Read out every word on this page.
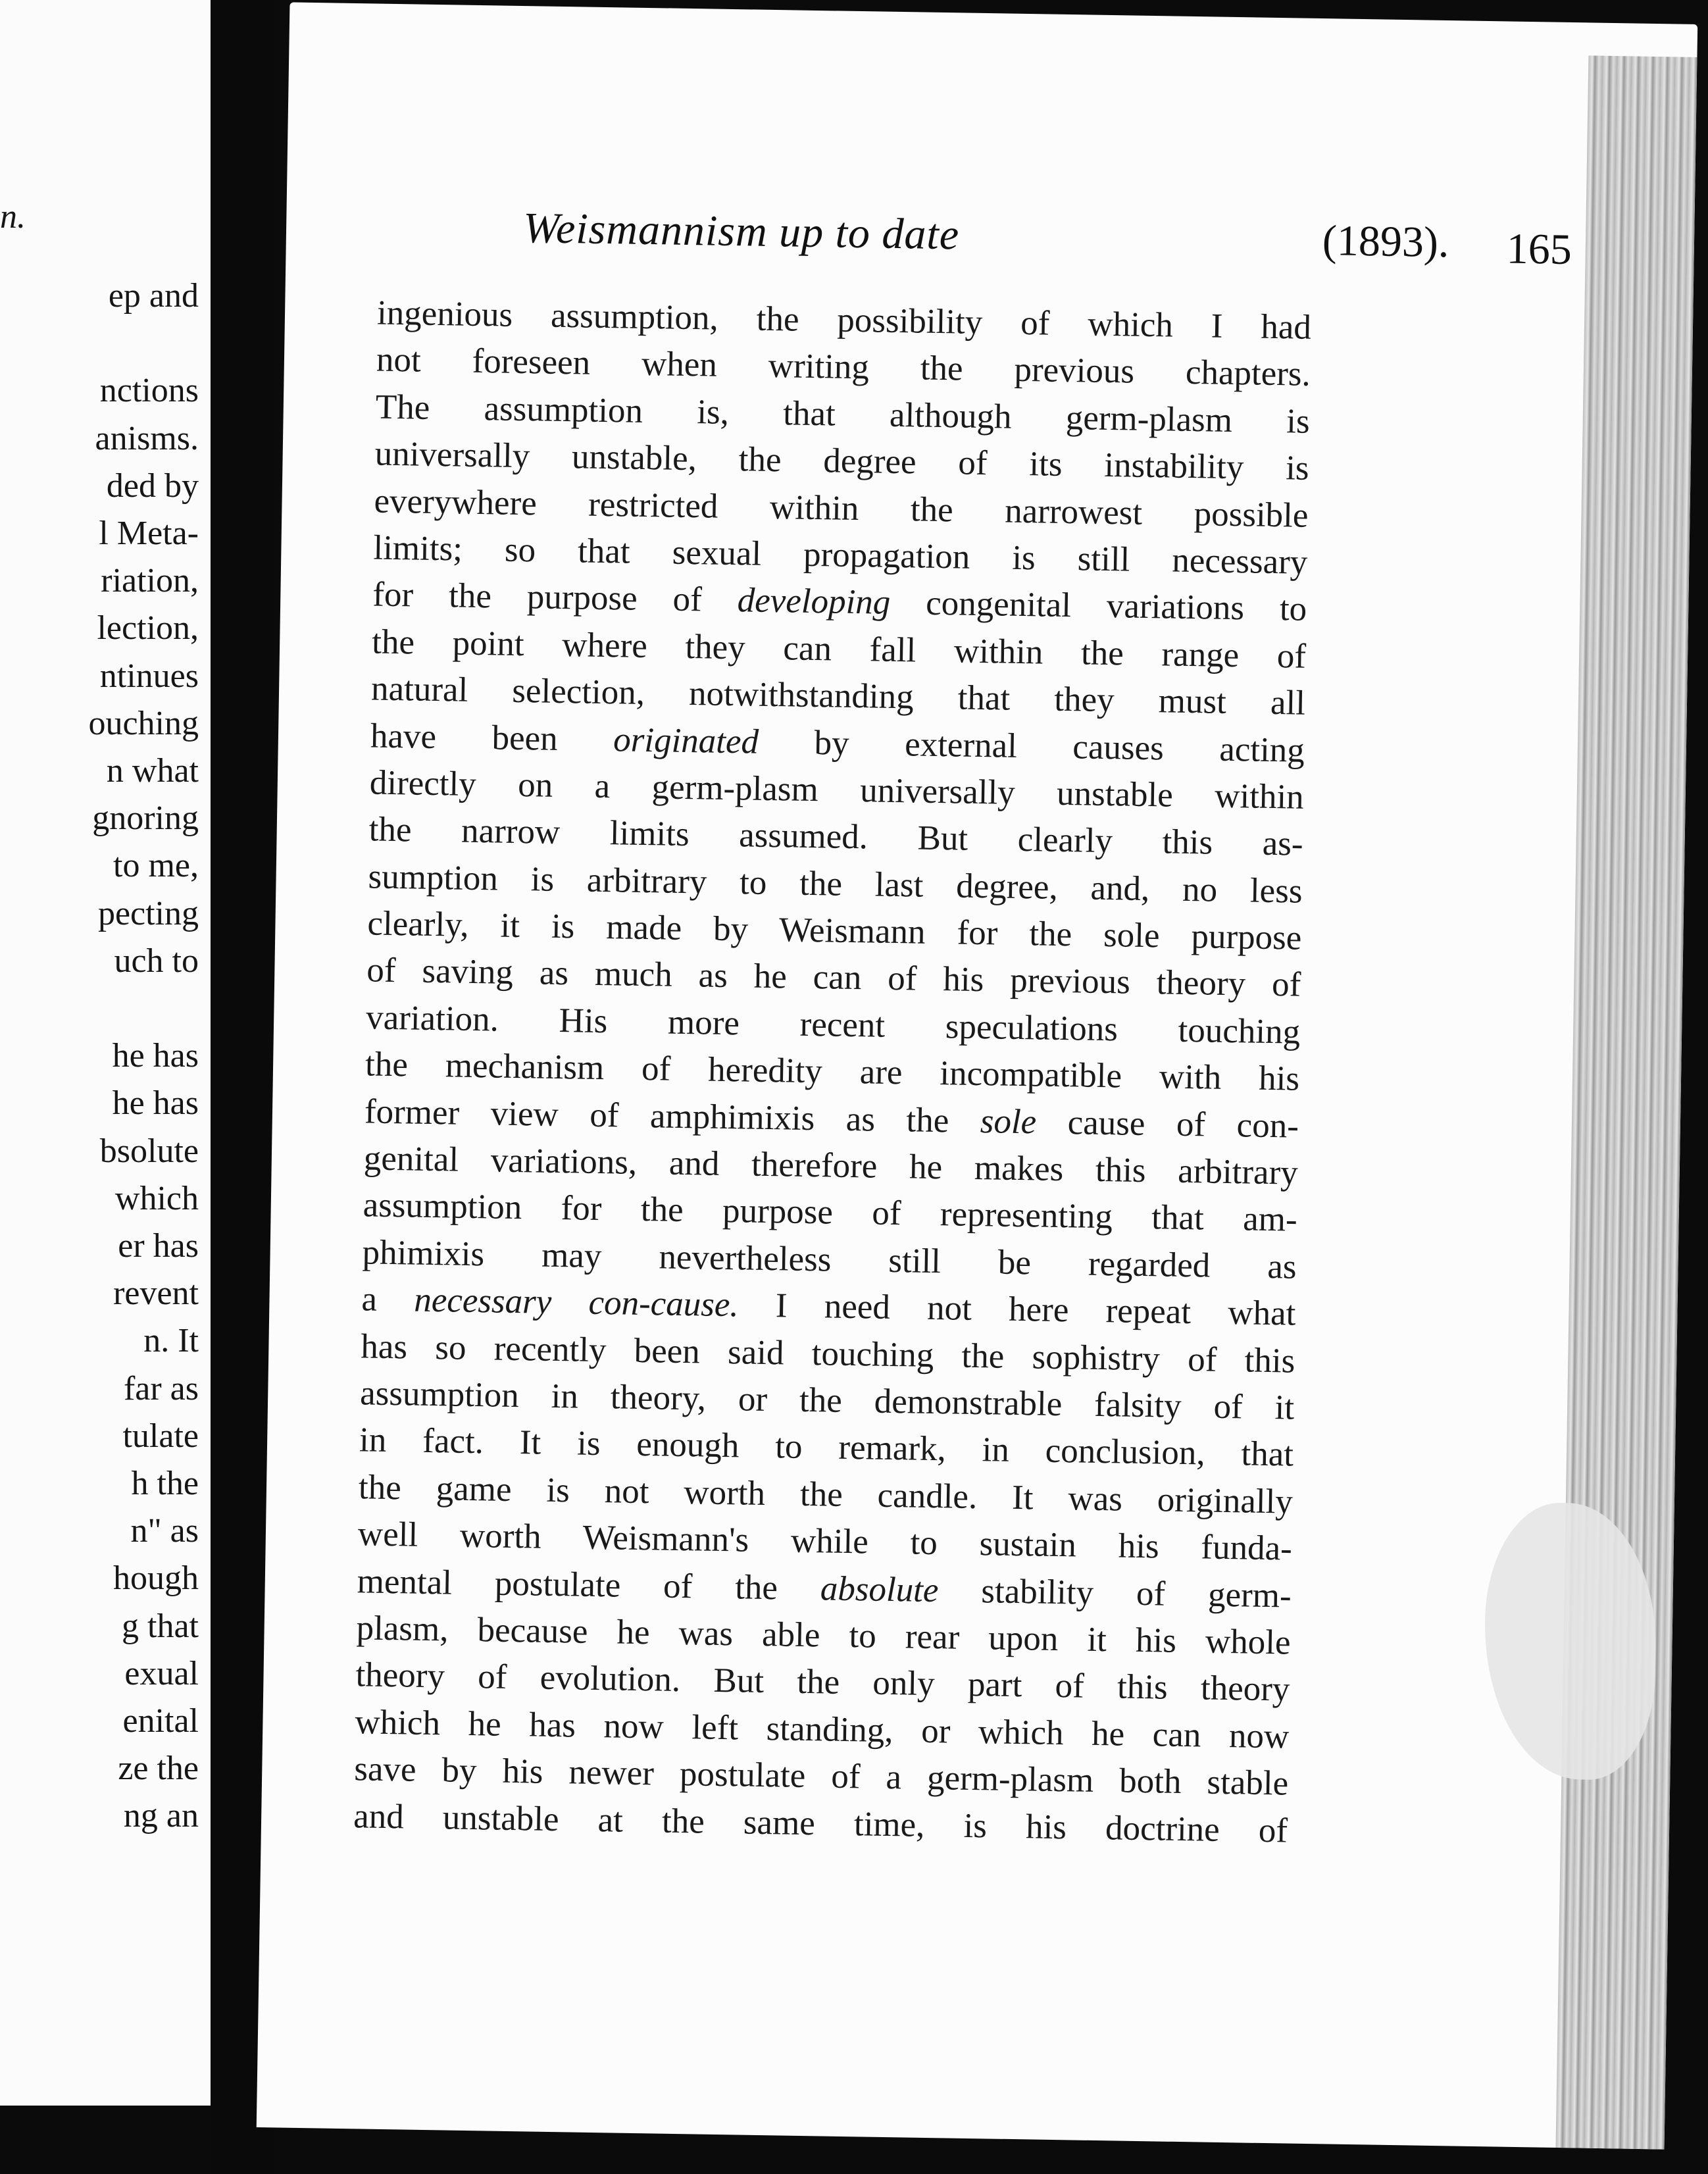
n.
ep and
nctions
anisms.
ded by
l Meta-
riation,
lection,
ntinues
ouching
n what
gnoring
to me,
pecting
uch to
he has
he has
bsolute
which
er has
revent
n. It
far as
tulate
h the
n" as
hough
g that
exual
enital
ze the
ng an
Weismannism up to date	(1893). 165
ingenious assumption, the possibility of which I had
not foreseen when writing the previous chapters.
The assumption is, that although germ-plasm is
universally unstable, the degree of its instability is
everywhere restricted within the narrowest possible
limits; so that sexual propagation is still necessary
for the purpose of developing congenital variations to
the point where they can fall within the range of
natural selection, notwithstanding that they must all
have been originated by external causes acting
directly on a germ-plasm universally unstable within
the narrow limits assumed. But clearly this as-
sumption is arbitrary to the last degree, and, no less
clearly, it is made by Weismann for the sole purpose
of saving as much as he can of his previous theory of
variation. His more recent speculations touching
the mechanism of heredity are incompatible with his
former view of amphimixis as the sole cause of con-
genital variations, and therefore he makes this arbitrary
assumption for the purpose of representing that am-
phimixis may nevertheless still be regarded as
a necessary con-cause. I need not here repeat what
has so recently been said touching the sophistry of this
assumption in theory, or the demonstrable falsity of it
in fact. It is enough to remark, in conclusion, that
the game is not worth the candle. It was originally
well worth Weismann's while to sustain his funda-
mental postulate of the absolute stability of germ-
plasm, because he was able to rear upon it his whole
theory of evolution. But the only part of this theory
which he has now left standing, or which he can now
save by his newer postulate of a germ-plasm both stable
and unstable at the same time, is his doctrine of
